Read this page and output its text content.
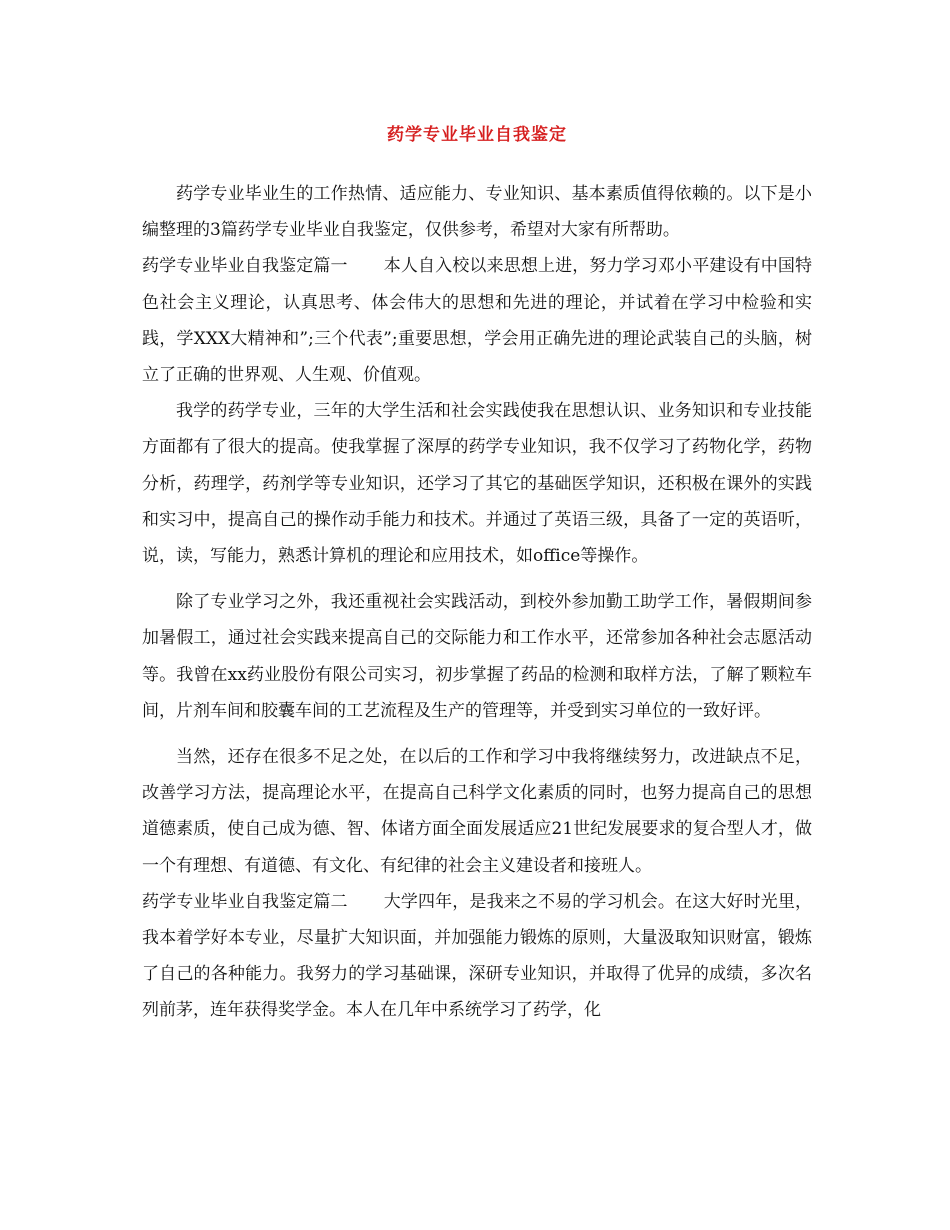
药学专业毕业自我鉴定

药学专业毕业生的工作热情、适应能力、专业知识、基本素质值得依赖的。以下是小编整理的3篇药学专业毕业自我鉴定，仅供参考，希望对大家有所帮助。

药学专业毕业自我鉴定篇一 本人自入校以来思想上进，努力学习邓小平建设有中国特色社会主义理论，认真思考、体会伟大的思想和先进的理论，并试着在学习中检验和实践，学XXX大精神和”;三个代表”;重要思想，学会用正确先进的理论武装自己的头脑，树立了正确的世界观、人生观、价值观。

我学的药学专业，三年的大学生活和社会实践使我在思想认识、业务知识和专业技能方面都有了很大的提高。使我掌握了深厚的药学专业知识，我不仅学习了药物化学，药物分析，药理学，药剂学等专业知识，还学习了其它的基础医学知识，还积极在课外的实践和实习中，提高自己的操作动手能力和技术。并通过了英语三级，具备了一定的英语听，说，读，写能力，熟悉计算机的理论和应用技术，如office等操作。

除了专业学习之外，我还重视社会实践活动，到校外参加勤工助学工作，暑假期间参加暑假工，通过社会实践来提高自己的交际能力和工作水平，还常参加各种社会志愿活动等。我曾在xx药业股份有限公司实习，初步掌握了药品的检测和取样方法，了解了颗粒车间，片剂车间和胶囊车间的工艺流程及生产的管理等，并受到实习单位的一致好评。

当然，还存在很多不足之处，在以后的工作和学习中我将继续努力，改进缺点不足，改善学习方法，提高理论水平，在提高自己科学文化素质的同时，也努力提高自己的思想道德素质，使自己成为德、智、体诸方面全面发展适应21世纪发展要求的复合型人才，做一个有理想、有道德、有文化、有纪律的社会主义建设者和接班人。

药学专业毕业自我鉴定篇二 大学四年，是我来之不易的学习机会。在这大好时光里，我本着学好本专业，尽量扩大知识面，并加强能力锻炼的原则，大量汲取知识财富，锻炼了自己的各种能力。我努力的学习基础课，深研专业知识，并取得了优异的成绩，多次名列前茅，连年获得奖学金。本人在几年中系统学习了药学，化
